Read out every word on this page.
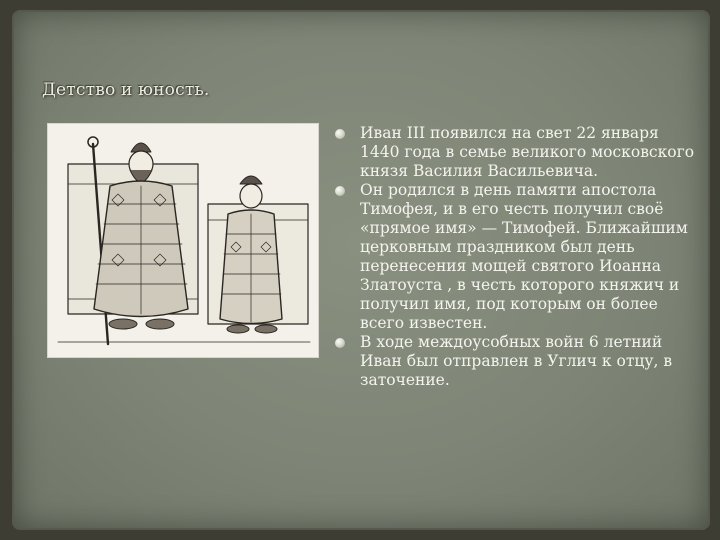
Детство и юность.
Иван III появился на свет 22 января 1440 года в семье великого московского князя Василия Васильевича.
Он родился в день памяти апостола Тимофея, и в его честь получил своё «прямое имя» — Тимофей. Ближайшим церковным праздником был день перенесения мощей святого Иоанна Златоуста , в честь которого княжич и получил имя, под которым он более всего известен.
В ходе междоусобных войн 6 летний Иван был отправлен в Углич к отцу, в заточение.
